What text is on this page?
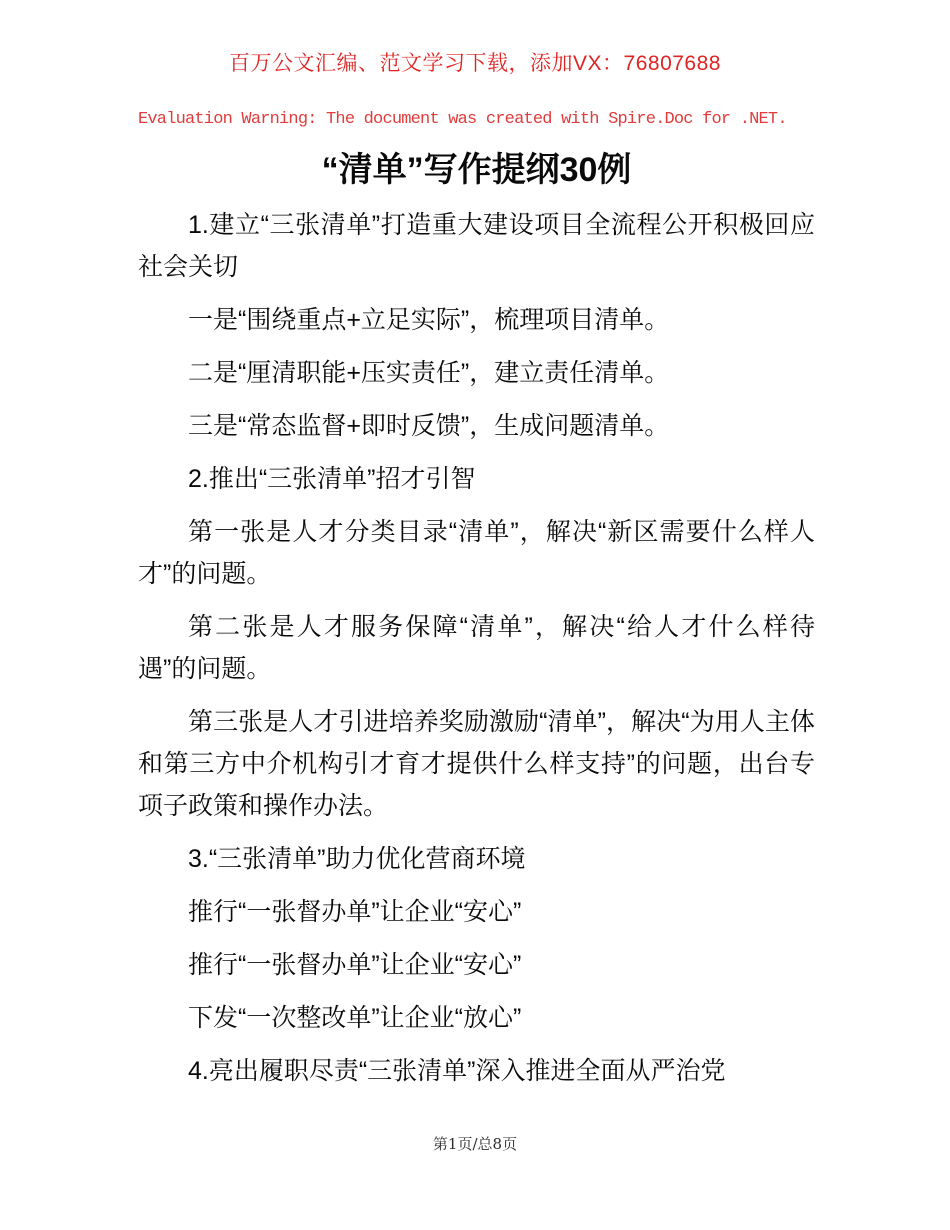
百万公文汇编、范文学习下载，添加VX：76807688

Evaluation Warning: The document was created with Spire.Doc for .NET.

“清单”写作提纲30例

1.建立“三张清单”打造重大建设项目全流程公开积极回应社会关切

一是“围绕重点+立足实际”，梳理项目清单。

二是“厘清职能+压实责任”，建立责任清单。

三是“常态监督+即时反馈”，生成问题清单。

2.推出“三张清单”招才引智

第一张是人才分类目录“清单”，解决“新区需要什么样人才”的问题。

第二张是人才服务保障“清单”，解决“给人才什么样待遇”的问题。

第三张是人才引进培养奖励激励“清单”，解决“为用人主体和第三方中介机构引才育才提供什么样支持”的问题，出台专项子政策和操作办法。

3.“三张清单”助力优化营商环境

推行“一张督办单”让企业“安心”

推行“一张督办单”让企业“安心”

下发“一次整改单”让企业“放心”

4.亮出履职尽责“三张清单”深入推进全面从严治党

第1页/总8页
